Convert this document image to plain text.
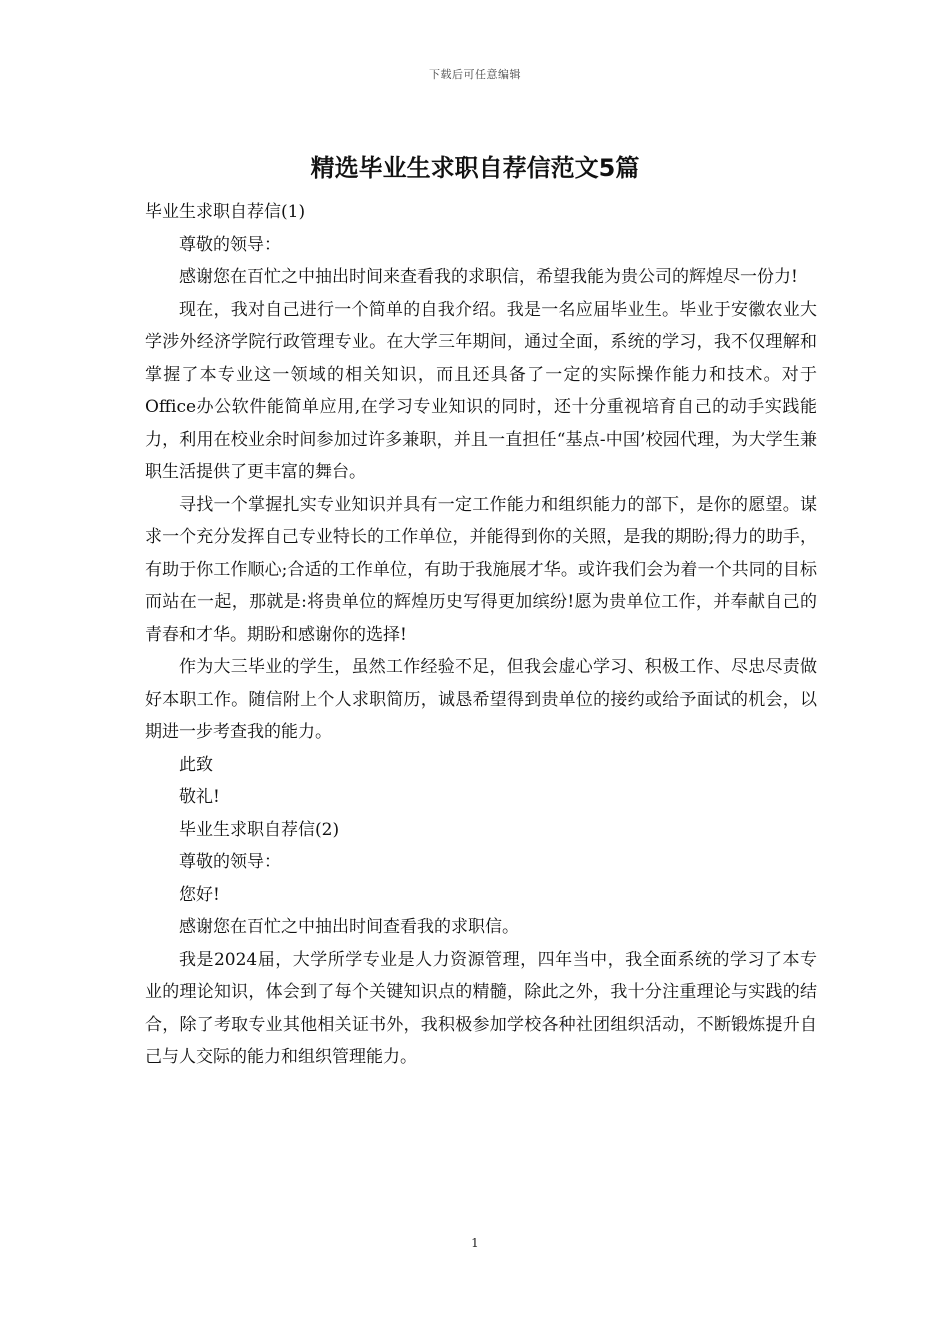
下载后可任意编辑
精选毕业生求职自荐信范文5篇

毕业生求职自荐信(1)

尊敬的领导：

感谢您在百忙之中抽出时间来查看我的求职信，希望我能为贵公司的辉煌尽一份力!

现在，我对自己进行一个简单的自我介绍。我是一名应届毕业生。毕业于安徽农业大学涉外经济学院行政管理专业。在大学三年期间，通过全面，系统的学习，我不仅理解和掌握了本专业这一领域的相关知识，而且还具备了一定的实际操作能力和技术。对于Office办公软件能简单应用,在学习专业知识的同时，还十分重视培育自己的动手实践能力，利用在校业余时间参加过许多兼职，并且一直担任“基点-中国’校园代理，为大学生兼职生活提供了更丰富的舞台。

寻找一个掌握扎实专业知识并具有一定工作能力和组织能力的部下，是你的愿望。谋求一个充分发挥自己专业特长的工作单位，并能得到你的关照，是我的期盼;得力的助手，有助于你工作顺心;合适的工作单位，有助于我施展才华。或许我们会为着一个共同的目标而站在一起，那就是:将贵单位的辉煌历史写得更加缤纷!愿为贵单位工作，并奉献自己的青春和才华。期盼和感谢你的选择!

作为大三毕业的学生，虽然工作经验不足，但我会虚心学习、积极工作、尽忠尽责做好本职工作。随信附上个人求职简历，诚恳希望得到贵单位的接约或给予面试的机会，以期进一步考查我的能力。

此致

敬礼!

毕业生求职自荐信(2)

尊敬的领导：

您好!

感谢您在百忙之中抽出时间查看我的求职信。

我是2024届，大学所学专业是人力资源管理，四年当中，我全面系统的学习了本专业的理论知识，体会到了每个关键知识点的精髓，除此之外，我十分注重理论与实践的结合，除了考取专业其他相关证书外，我积极参加学校各种社团组织活动，不断锻炼提升自己与人交际的能力和组织管理能力。

1
